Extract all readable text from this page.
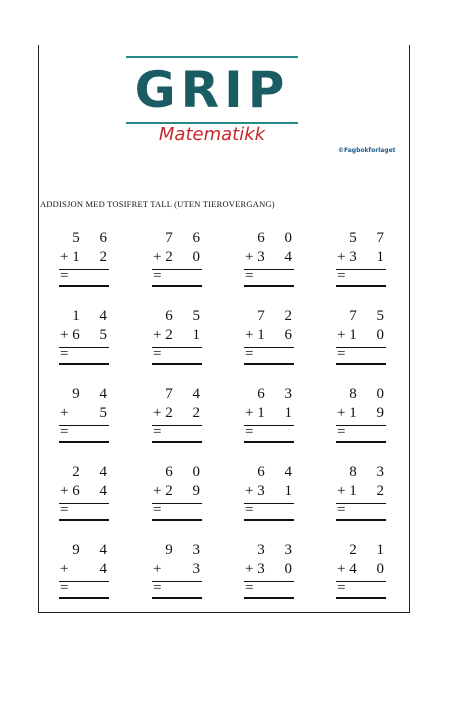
GRIP
Matematikk
©Fagbokforlaget
ADDISJON MED TOSIFRET TALL (UTEN TIEROVERGANG)
5 6
+ 1 2
=
7 6
+ 2 0
=
6 0
+ 3 4
=
5 7
+ 3 1
=
1 4
+ 6 5
=
6 5
+ 2 1
=
7 2
+ 1 6
=
7 5
+ 1 0
=
9 4
+ 5
=
7 4
+ 2 2
=
6 3
+ 1 1
=
8 0
+ 1 9
=
2 4
+ 6 4
=
6 0
+ 2 9
=
6 4
+ 3 1
=
8 3
+ 1 2
=
9 4
+ 4
=
9 3
+ 3
=
3 3
+ 3 0
=
2 1
+ 4 0
=
